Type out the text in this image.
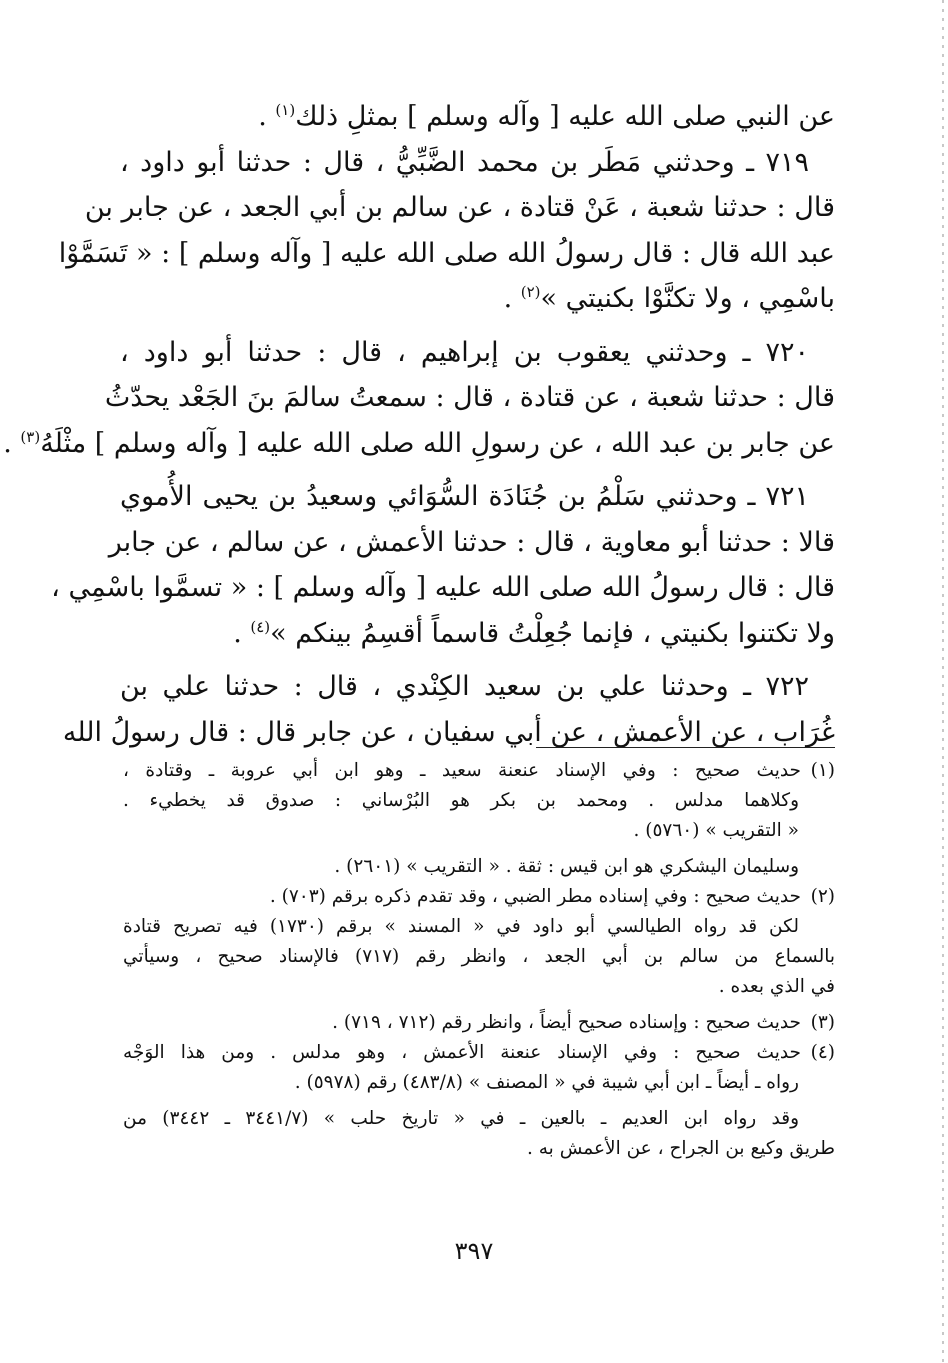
عن النبي صلى الله عليه [ وآله وسلم ] بمثلِ ذلك$^{(١)}$ .
٧١٩ ـ وحدثني مَطَر بن محمد الضَّبِّيُّ ، قال : حدثنا أبو داود ،
قال : حدثنا شعبة ، عَنْ قتادة ، عن سالم بن أبي الجعد ، عن جابر بن
عبد الله قال : قال رسولُ الله صلى الله عليه [ وآله وسلم ] : « تَسَمَّوْا
باسْمِي ، ولا تكنَّوْا بكنيتي »$^{(٢)}$ .
٧٢٠ ـ وحدثني يعقوب بن إبراهيم ، قال : حدثنا أبو داود ،
قال : حدثنا شعبة ، عن قتادة ، قال : سمعتُ سالمَ بنَ الجَعْد يحدّثُ
عن جابر بن عبد الله ، عن رسولِ الله صلى الله عليه [ وآله وسلم ] مثْلَهُ$^{(٣)}$ .
٧٢١ ـ وحدثني سَلْمُ بن جُنَادَة السُّوَائي وسعيدُ بن يحيى الأُموي
قالا : حدثنا أبو معاوية ، قال : حدثنا الأعمش ، عن سالم ، عن جابر
قال : قال رسولُ الله صلى الله عليه [ وآله وسلم ] : « تسمَّوا باسْمِي ،
ولا تكتنوا بكنيتي ، فإنما جُعِلْتُ قاسماً أقسِمُ بينكم »$^{(٤)}$ .
٧٢٢ ـ وحدثنا علي بن سعيد الكِنْدي ، قال : حدثنا علي بن
غُرَاب ، عن الأعمش ، عن أبي سفيان ، عن جابر قال : قال رسولُ الله
(١)حديث صحيح : وفي الإسناد عنعنة سعيد ـ وهو ابن أبي عروبة ـ وقتادة ،
وكلاهما مدلس . ومحمد بن بكر هو البُرْساني : صدوق قد يخطيء .
« التقريب » (٥٧٦٠) .
وسليمان اليشكري هو ابن قيس : ثقة . « التقريب » (٢٦٠١) .
(٢)حديث صحيح : وفي إسناده مطر الضبي ، وقد تقدم ذكره برقم (٧٠٣) .
لكن قد رواه الطيالسي أبو داود في « المسند » برقم (١٧٣٠) فيه تصريح قتادة
بالسماع من سالم بن أبي الجعد ، وانظر رقم (٧١٧) فالإسناد صحيح ، وسيأتي
في الذي بعده .
(٣)حديث صحيح : وإسناده صحيح أيضاً ، وانظر رقم (٧١٢ ، ٧١٩) .
(٤)حديث صحيح : وفي الإسناد عنعنة الأعمش ، وهو مدلس . ومن هذا الوَجْه
رواه ـ أيضاً ـ ابن أبي شيبة في « المصنف » (٤٨٣/٨) رقم (٥٩٧٨) .
وقد رواه ابن العديم ـ بالعين ـ في « تاريخ حلب » (٣٤٤١/٧ ـ ٣٤٤٢) من
طريق وكيع بن الجراح ، عن الأعمش به .
٣٩٧
